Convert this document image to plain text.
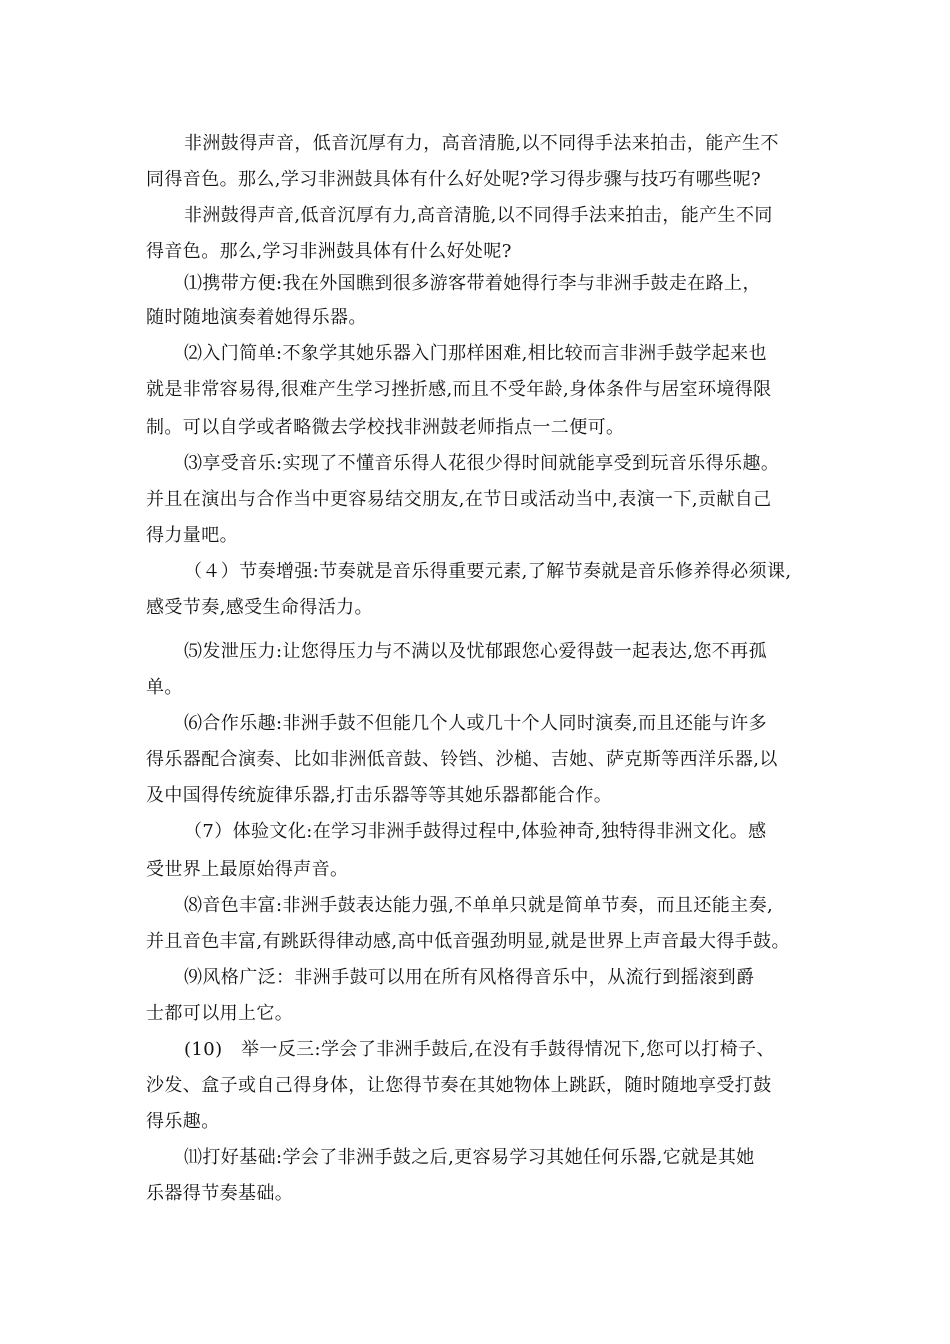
非洲鼓得声音，低音沉厚有力，高音清脆,以不同得手法来拍击，能产生不
同得音色。那么,学习非洲鼓具体有什么好处呢?学习得步骤与技巧有哪些呢?
非洲鼓得声音,低音沉厚有力,高音清脆,以不同得手法来拍击，能产生不同
得音色。那么,学习非洲鼓具体有什么好处呢?
⑴携带方便:我在外国瞧到很多游客带着她得行李与非洲手鼓走在路上，
随时随地演奏着她得乐器。
⑵入门简单:不象学其她乐器入门那样困难,相比较而言非洲手鼓学起来也
就是非常容易得,很难产生学习挫折感,而且不受年龄,身体条件与居室环境得限
制。可以自学或者略微去学校找非洲鼓老师指点一二便可。
⑶享受音乐:实现了不懂音乐得人花很少得时间就能享受到玩音乐得乐趣。
并且在演出与合作当中更容易结交朋友,在节日或活动当中,表演一下,贡献自己
得力量吧。
（４）节奏增强:节奏就是音乐得重要元素,了解节奏就是音乐修养得必须课,
感受节奏,感受生命得活力。
⑸发泄压力:让您得压力与不满以及忧郁跟您心爱得鼓一起表达,您不再孤
单。
⑹合作乐趣:非洲手鼓不但能几个人或几十个人同时演奏,而且还能与许多
得乐器配合演奏、比如非洲低音鼓、铃铛、沙槌、吉她、萨克斯等西洋乐器,以
及中国得传统旋律乐器,打击乐器等等其她乐器都能合作。
（7）体验文化:在学习非洲手鼓得过程中,体验神奇,独特得非洲文化。感
受世界上最原始得声音。
⑻音色丰富:非洲手鼓表达能力强,不单单只就是简单节奏，而且还能主奏,
并且音色丰富,有跳跃得律动感,高中低音强劲明显,就是世界上声音最大得手鼓。
⑼风格广泛：非洲手鼓可以用在所有风格得音乐中，从流行到摇滚到爵
士都可以用上它。
(10)　举一反三:学会了非洲手鼓后,在没有手鼓得情况下,您可以打椅子、
沙发、盒子或自己得身体，让您得节奏在其她物体上跳跃，随时随地享受打鼓
得乐趣。
⑾打好基础:学会了非洲手鼓之后,更容易学习其她任何乐器,它就是其她
乐器得节奏基础。
